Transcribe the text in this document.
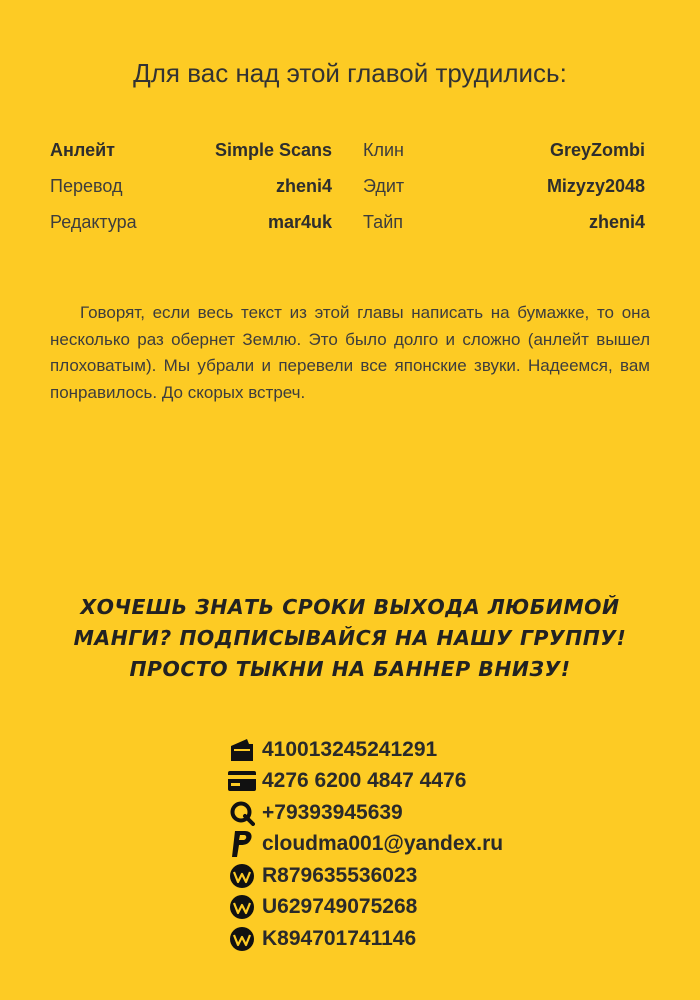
Для вас над этой главой трудились:
Анлейт	Simple Scans Клин	GreyZombi
Перевод	zheni4 Эдит	Mizyzy2048
Редактура	mar4uk Тайп	zheni4

Говорят, если весь текст из этой главы написать на бумажке, то она несколько раз обернет Землю. Это было долго и сложно (анлейт вышел плоховатым). Мы убрали и перевели все японские звуки. Надеемся, вам понравилось. До скорых встреч.

ХОЧЕШЬ ЗНАТЬ СРОКИ ВЫХОДА ЛЮБИМОЙ
МАНГИ? ПОДПИСЫВАЙСЯ НА НАШУ ГРУППУ!
ПРОСТО ТЫКНИ НА БАННЕР ВНИЗУ!
410013245241291
4276 6200 4847 4476
+79393945639
cloudma001@yandex.ru
R879635536023
U629749075268
K894701741146
